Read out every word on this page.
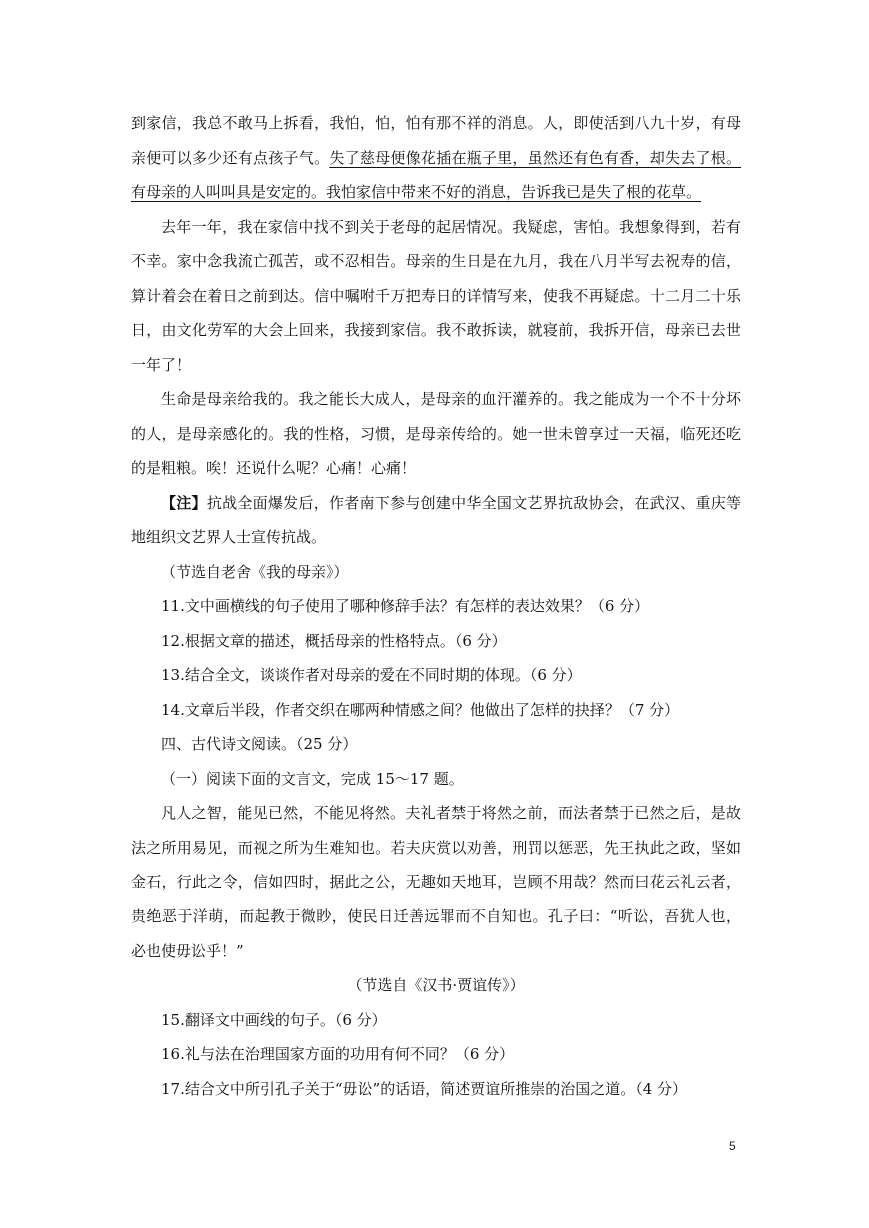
到家信，我总不敢马上拆看，我怕，怕，怕有那不祥的消息。人，即使活到八九十岁，有母
亲便可以多少还有点孩子气。失了慈母便像花插在瓶子里，虽然还有色有香，却失去了根。
有母亲的人叫叫具是安定的。我怕家信中带来不好的消息，告诉我已是失了根的花草。
去年一年，我在家信中找不到关于老母的起居情况。我疑虑，害怕。我想象得到，若有
不幸。家中念我流亡孤苦，或不忍相告。母亲的生日是在九月，我在八月半写去祝寿的信，
算计着会在着日之前到达。信中嘱咐千万把寿日的详情写来，使我不再疑虑。十二月二十乐
日，由文化劳军的大会上回来，我接到家信。我不敢拆读，就寝前，我拆开信，母亲已去世
一年了！
生命是母亲给我的。我之能长大成人，是母亲的血汗灌养的。我之能成为一个不十分坏
的人，是母亲感化的。我的性格，习惯，是母亲传给的。她一世未曾享过一天福，临死还吃
的是粗粮。唉！还说什么呢？心痛！心痛！
【注】抗战全面爆发后，作者南下参与创建中华全国文艺界抗敌协会，在武汉、重庆等
地组织文艺界人士宣传抗战。
（节选自老舍《我的母亲》）
11.文中画横线的句子使用了哪种修辞手法？有怎样的表达效果？（6 分）
12.根据文章的描述，概括母亲的性格特点。（6 分）
13.结合全文，谈谈作者对母亲的爱在不同时期的体现。（6 分）
14.文章后半段，作者交织在哪两种情感之间？他做出了怎样的抉择？（7 分）
四、古代诗文阅读。（25 分）
（一）阅读下面的文言文，完成 15～17 题。
凡人之智，能见已然，不能见将然。夫礼者禁于将然之前，而法者禁于已然之后，是故
法之所用易见，而视之所为生难知也。若夫庆赏以劝善，刑罚以惩恶，先王执此之政，坚如
金石，行此之令，信如四时，据此之公，无趣如天地耳，岂顾不用哉？然而曰花云礼云者，
贵绝恶于洋萌，而起教于微眇，使民日迁善远罪而不自知也。孔子曰：“听讼，吾犹人也，
必也使毋讼乎！”
（节选自《汉书·贾谊传》）
15.翻译文中画线的句子。（6 分）
16.礼与法在治理国家方面的功用有何不同？（6 分）
17.结合文中所引孔子关于“毋讼”的话语，简述贾谊所推崇的治国之道。（4 分）
5
